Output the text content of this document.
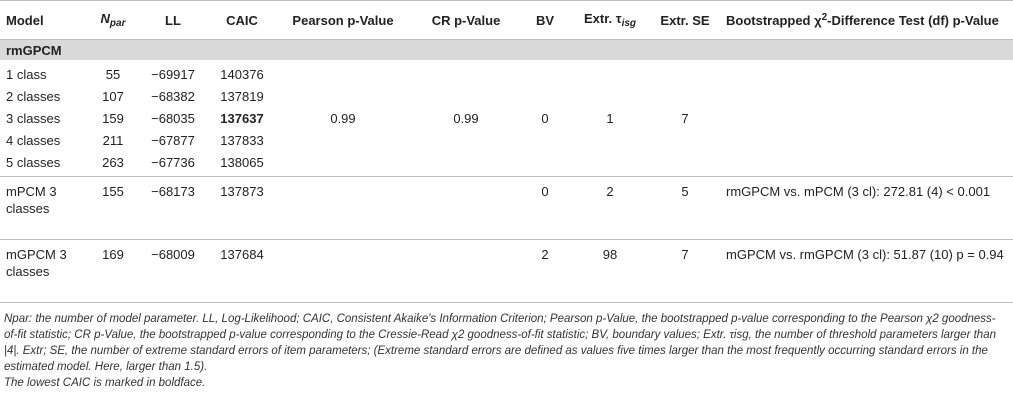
Model	$N_{par}$	LL	CAIC	Pearson p-Value	CR p-Value	BV	Extr. $\tau_{isg}$	Extr. SE	Bootstrapped $\chi^2$-Difference Test (df) p-Value
rmGPCM									
1 class	55	−69917	140376						
2 classes	107	−68382	137819						
3 classes	159	−68035	137637	0.99	0.99	0	1	7	
4 classes	211	−67877	137833						
5 classes	263	−67736	138065						
mPCM 3 classes	155	−68173	137873			0	2	5	rmGPCM vs. mPCM (3 cl): 272.81 (4) < 0.001
mGPCM 3 classes	169	−68009	137684			2	98	7	mGPCM vs. rmGPCM (3 cl): 51.87 (10) p = 0.94

Npar: the number of model parameter. LL, Log-Likelihood; CAIC, Consistent Akaike's Information Criterion; Pearson p-Value, the bootstrapped p-value corresponding to the Pearson χ2 goodness-of-fit statistic; CR p-Value, the bootstrapped p-value corresponding to the Cressie-Read χ2 goodness-of-fit statistic; BV, boundary values; Extr. τisg, the number of threshold parameters larger than |4|. Extr; SE, the number of extreme standard errors of item parameters; (Extreme standard errors are defined as values five times larger than the most frequently occurring standard errors in the estimated model. Here, larger than 1.5).

The lowest CAIC is marked in boldface.
